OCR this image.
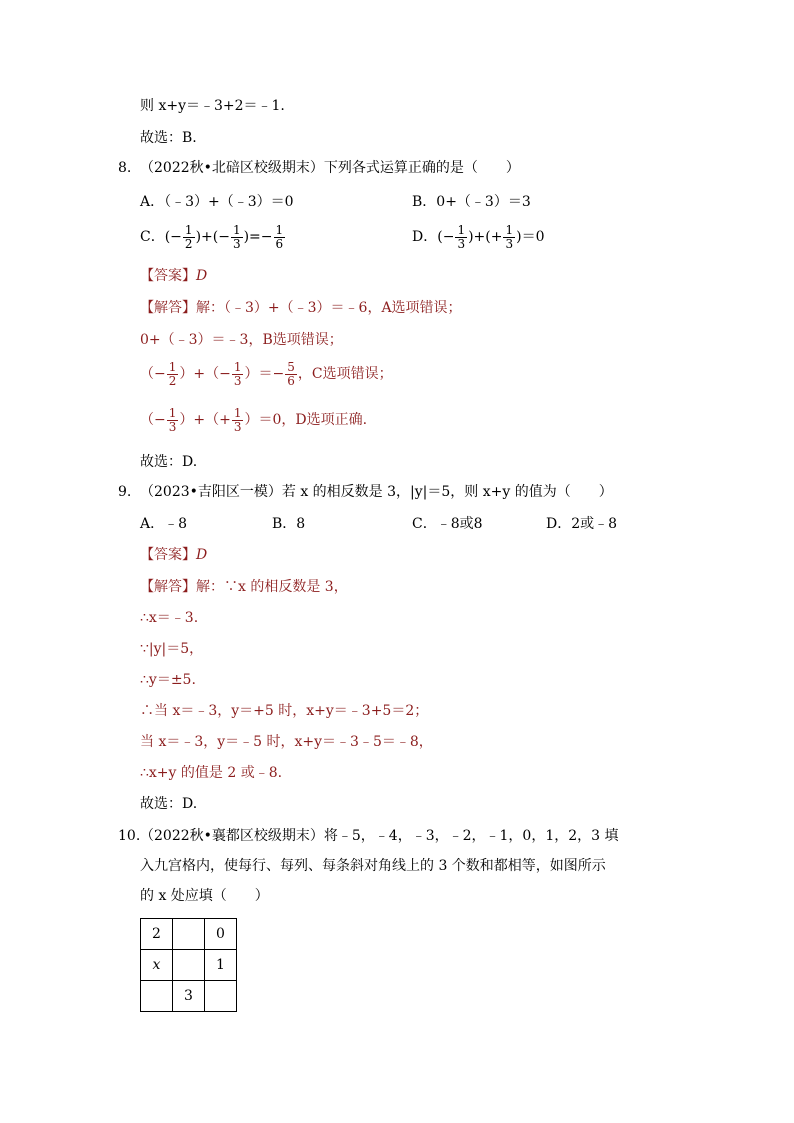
则 x+y＝﹣3+2＝﹣1.
故选：B.
8. （2022秋•北碚区校级期末）下列各式运算正确的是（　　）
A．（﹣3）+（﹣3）＝0	B．0+（﹣3）＝3
C．(− $\frac{1}{2}$ )+(− $\frac{1}{3}$ )=− $\frac{1}{6}$	D．(− $\frac{1}{3}$ )+(+ $\frac{1}{3} )=0$
【答案】D
【解答】解：（﹣3）+（﹣3）＝﹣6，A选项错误；
0+（﹣3）＝﹣3，B选项错误；
（− $\frac{1}{2}$ ）+（− $\frac{1}{3}$ ）＝− $\frac{5}{6}$ ，C选项错误；
（− $\frac{1}{3}$ ）+（+ $\frac{1}{3} )=0$，D选项正确.
故选：D.
9. （2023•吉阳区一模）若 x 的相反数是 3，|y|＝5，则 x+y 的值为（　　）
A．﹣8	B．8	C．﹣8或8	D．2或﹣8
【答案】D
【解答】解：∵x 的相反数是 3，
∴x＝﹣3.
∵|y|＝5，
∴y＝±5.
∴当 x＝﹣3，y＝+5 时，x+y＝﹣3+5＝2；
当 x＝﹣3，y＝﹣5 时，x+y＝﹣3﹣5＝﹣8，
∴x+y 的值是 2 或﹣8.
故选：D.
10. （2022秋•襄都区校级期末）将﹣5，﹣4，﹣3，﹣2，﹣1，0，1，2，3 填
入九宫格内，使每行、每列、每条斜对角线上的 3 个数和都相等，如图所示
的 x 处应填（　　）
2		0
x		1
	3	
